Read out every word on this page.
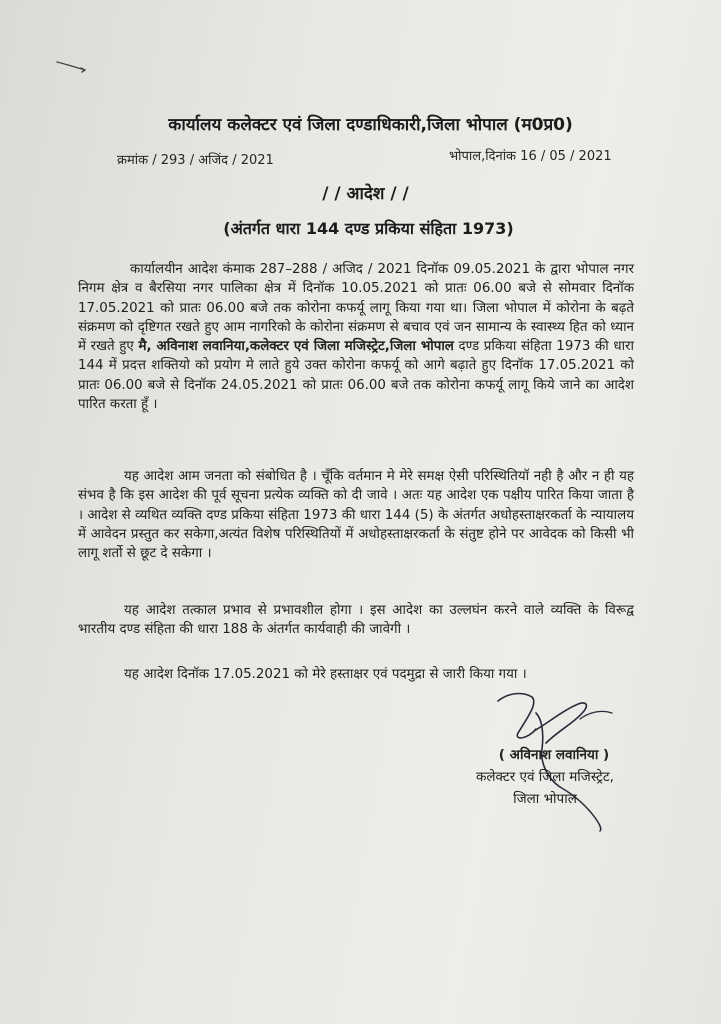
कार्यालय कलेक्टर एवं जिला दण्डाधिकारी,जिला भोपाल (म0प्र0)
क्रमांक / 293 / अजिंद / 2021	भोपाल,दिनांक 16 / 05 / 2021
/ / आदेश / /
(अंतर्गत धारा 144 दण्ड प्रकिया संहिता 1973)
कार्यालयीन आदेश कंमाक 287–288 / अजिद / 2021 दिनॉक 09.05.2021 के द्वारा भोपाल नगर निगम क्षेत्र व बैरसिया नगर पालिका क्षेत्र में दिनॉक 10.05.2021 को प्रातः 06.00 बजे से सोमवार दिनॉक 17.05.2021 को प्रातः 06.00 बजे तक कोरोना कफर्यू लागू किया गया था। जिला भोपाल में कोरोना के बढ़ते संक्रमण को दृष्टिगत रखते हुए आम नागरिको के कोरोना संक्रमण से बचाव एवं जन सामान्य के स्वास्थ्य हित को ध्यान में रखते हुए मै, अविनाश लवानिया,कलेक्टर एवं जिला मजिस्ट्रेट,जिला भोपाल दण्ड प्रकिया संहिता 1973 की धारा 144 में प्रदत्त शक्तियो को प्रयोग मे लाते हुये उक्त कोरोना कफर्यू को आगे बढ़ाते हुए दिनॉक 17.05.2021 को प्रातः 06.00 बजे से दिनॉक 24.05.2021 को प्रातः 06.00 बजे तक कोरोना कफर्यू लागू किये जाने का आदेश पारित करता हूँ ।
यह आदेश आम जनता को संबोधित है । चूँकि वर्तमान मे मेरे समक्ष ऐसी परिस्थितियॉ नही है और न ही यह संभव है कि इस आदेश की पूर्व सूचना प्रत्येक व्यक्ति को दी जावे । अतः यह आदेश एक पक्षीय पारित किया जाता है । आदेश से व्यथित व्यक्ति दण्ड प्रकिया संहिता 1973 की धारा 144 (5) के अंतर्गत अधोहस्ताक्षरकर्ता के न्यायालय में आवेदन प्रस्तुत कर सकेगा,अत्यंत विशेष परिस्थितियों में अधोहस्ताक्षरकर्ता के संतुष्ट होने पर आवेदक को किसी भी लागू शर्तो से छूट दे सकेगा ।
यह आदेश तत्काल प्रभाव से प्रभावशील होगा । इस आदेश का उल्लघंन करने वाले व्यक्ति के विरूद्व भारतीय दण्ड संहिता की धारा 188 के अंतर्गत कार्यवाही की जावेगी ।
यह आदेश दिनॉक 17.05.2021 को मेरे हस्ताक्षर एवं पदमुद्रा से जारी किया गया ।
( अविनाश लवानिया )
कलेक्टर एवं जिला मजिस्ट्रेट,
जिला भोपाल
